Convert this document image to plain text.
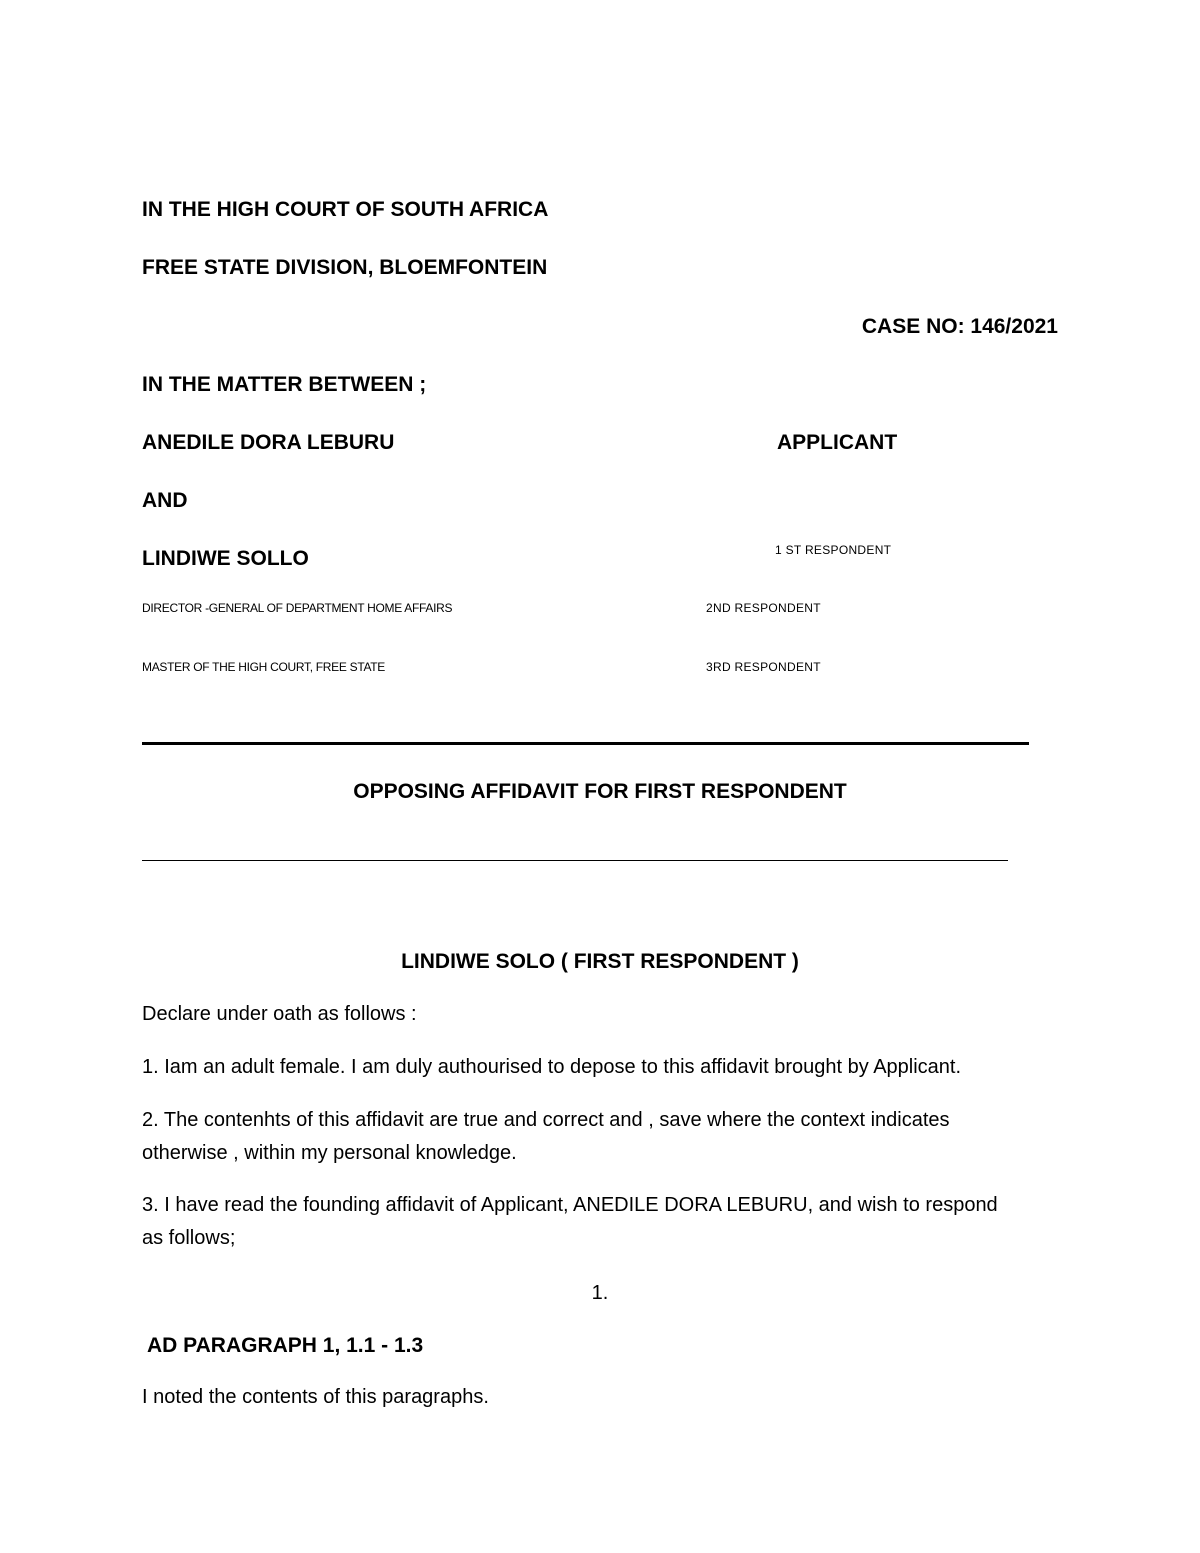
IN THE HIGH COURT OF SOUTH AFRICA
FREE STATE DIVISION, BLOEMFONTEIN
CASE NO: 146/2021
IN THE MATTER BETWEEN ;
ANEDILE DORA LEBURU	APPLICANT
AND
LINDIWE SOLLO	1 ST RESPONDENT
DIRECTOR -GENERAL OF DEPARTMENT HOME AFFAIRS	2ND RESPONDENT
MASTER OF THE HIGH COURT, FREE STATE	3RD RESPONDENT
OPPOSING AFFIDAVIT FOR FIRST RESPONDENT
LINDIWE SOLO ( FIRST RESPONDENT )
Declare under oath as follows :
1. Iam an adult female. I am duly authourised to depose to this affidavit brought by Applicant.
2. The contenhts of this affidavit are true and correct and , save where the context indicates
otherwise , within my personal knowledge.
3. I have read the founding affidavit of Applicant, ANEDILE DORA LEBURU, and wish to respond
as follows;
1.
AD PARAGRAPH 1, 1.1 - 1.3
I noted the contents of this paragraphs.
